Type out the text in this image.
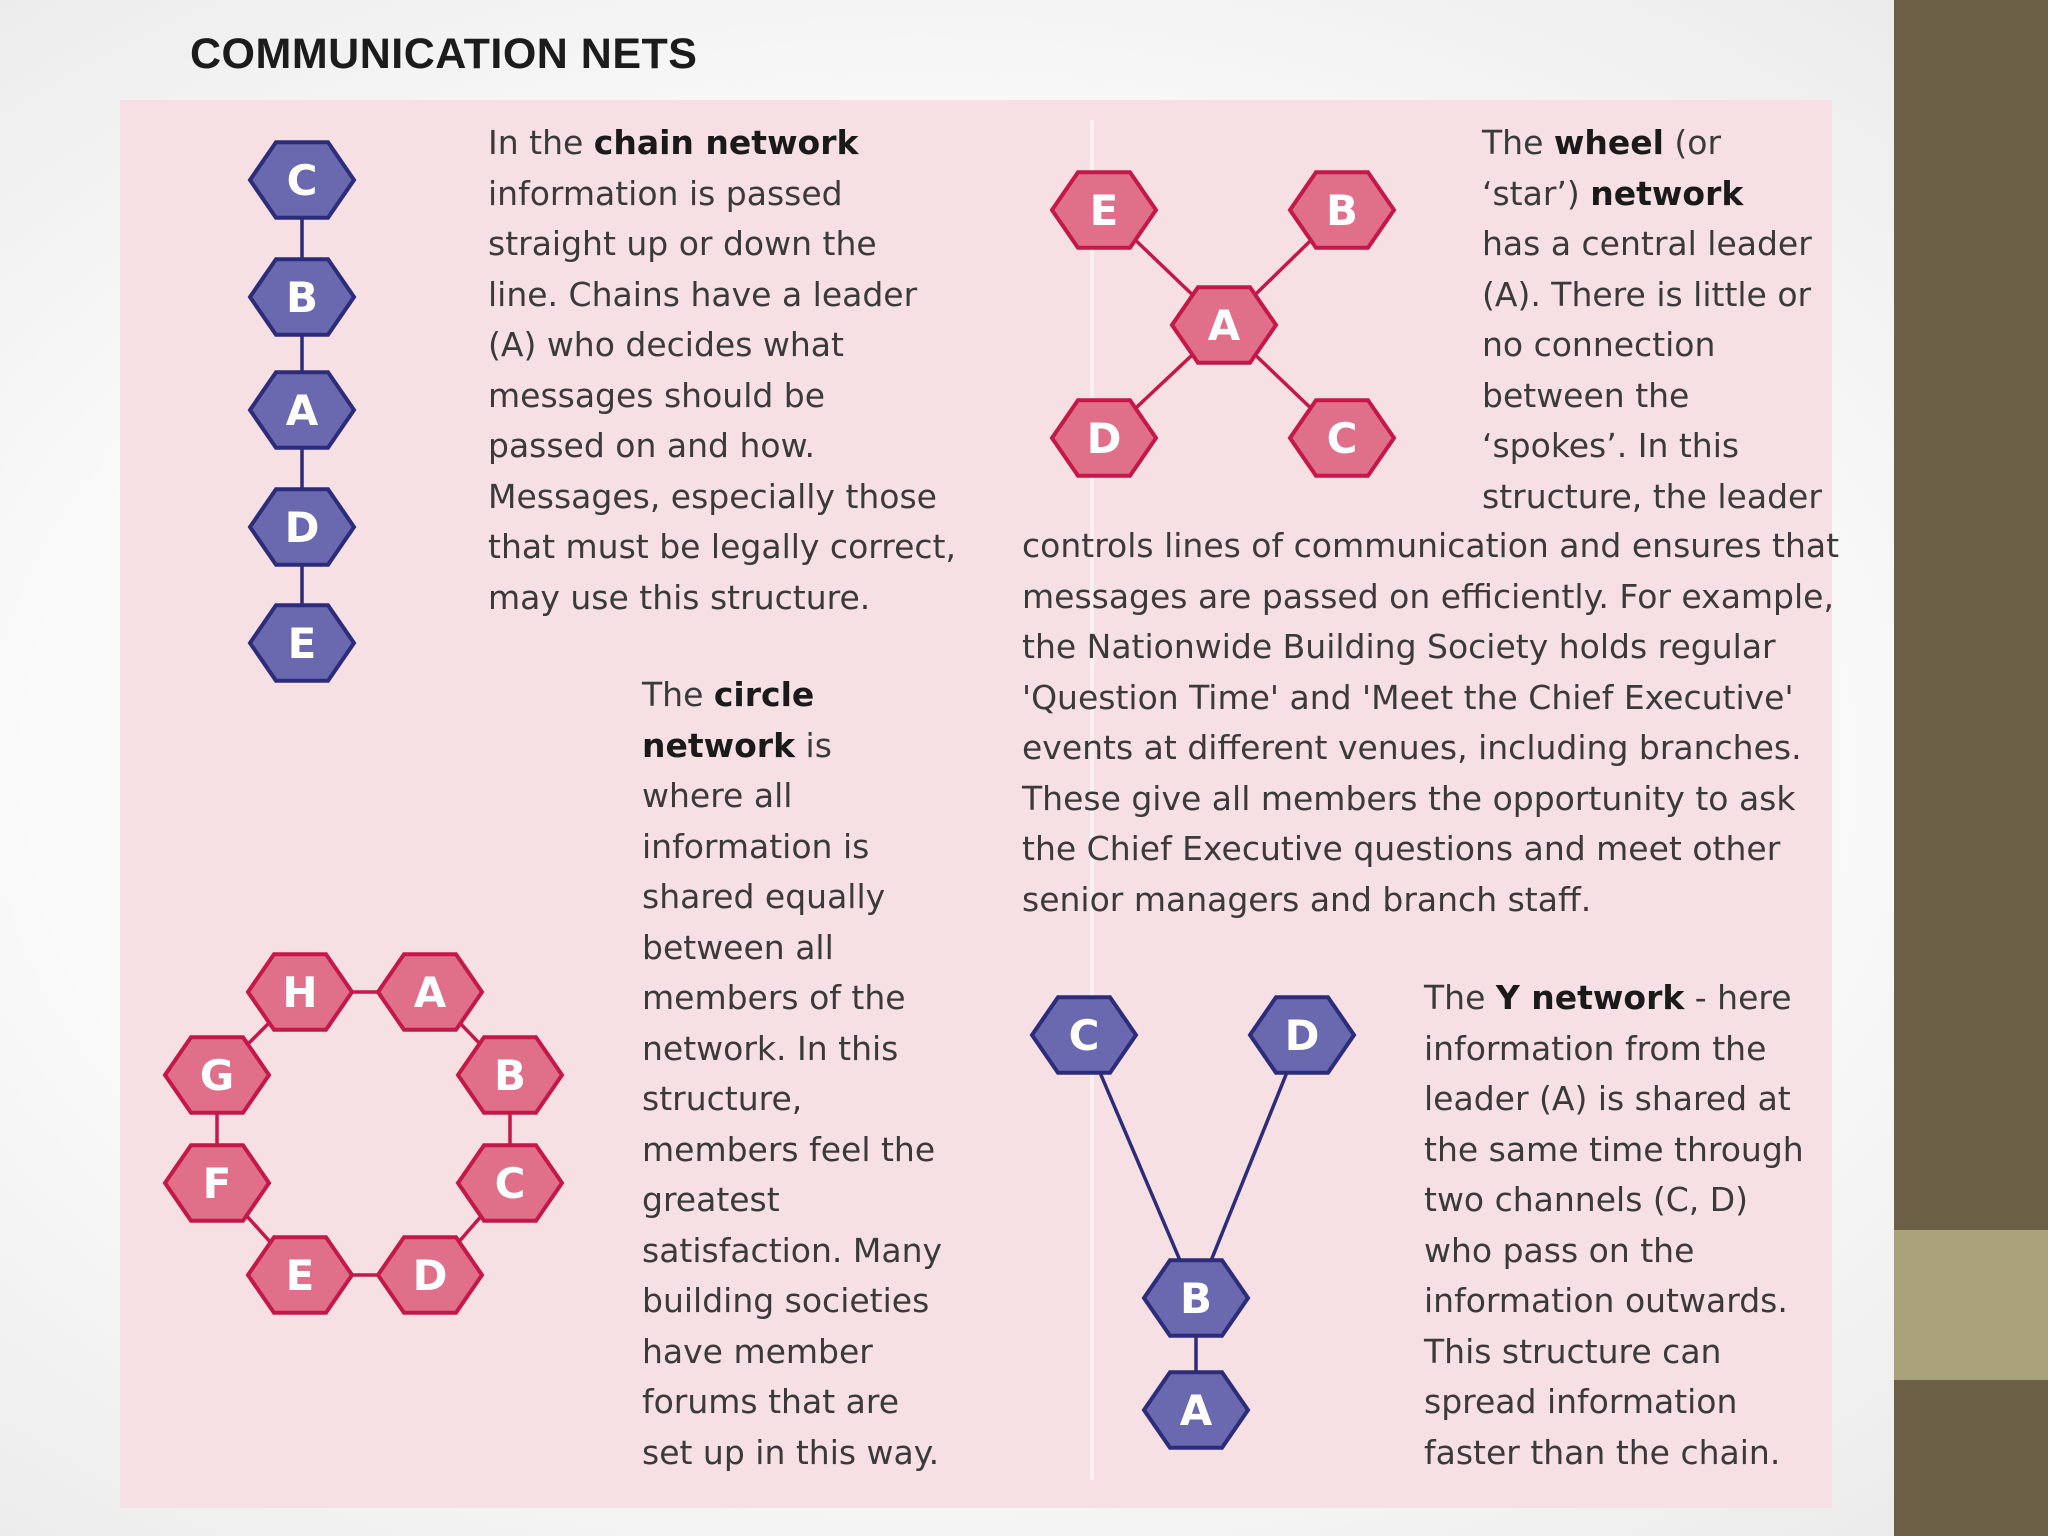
COMMUNICATION NETS

In the chain network
information is passed
straight up or down the
line. Chains have a leader
(A) who decides what
messages should be
passed on and how.
Messages, especially those
that must be legally correct,
may use this structure.

The wheel (or
‘star’) network
has a central leader
(A). There is little or
no connection
between the
‘spokes’. In this
structure, the leader

controls lines of communication and ensures that
messages are passed on efficiently. For example,
the Nationwide Building Society holds regular
'Question Time' and 'Meet the Chief Executive'
events at different venues, including branches.
These give all members the opportunity to ask
the Chief Executive questions and meet other
senior managers and branch staff.

The circle
network is
where all
information is
shared equally
between all
members of the
network. In this
structure,
members feel the
greatest
satisfaction. Many
building societies
have member
forums that are
set up in this way.

The Y network - here
information from the
leader (A) is shared at
the same time through
two channels (C, D)
who pass on the
information outwards.
This structure can
spread information
faster than the chain.

C
B
A
D
E
E	B
D	C
A
H A
B
C
D
E
F
G
C	D
B
A
